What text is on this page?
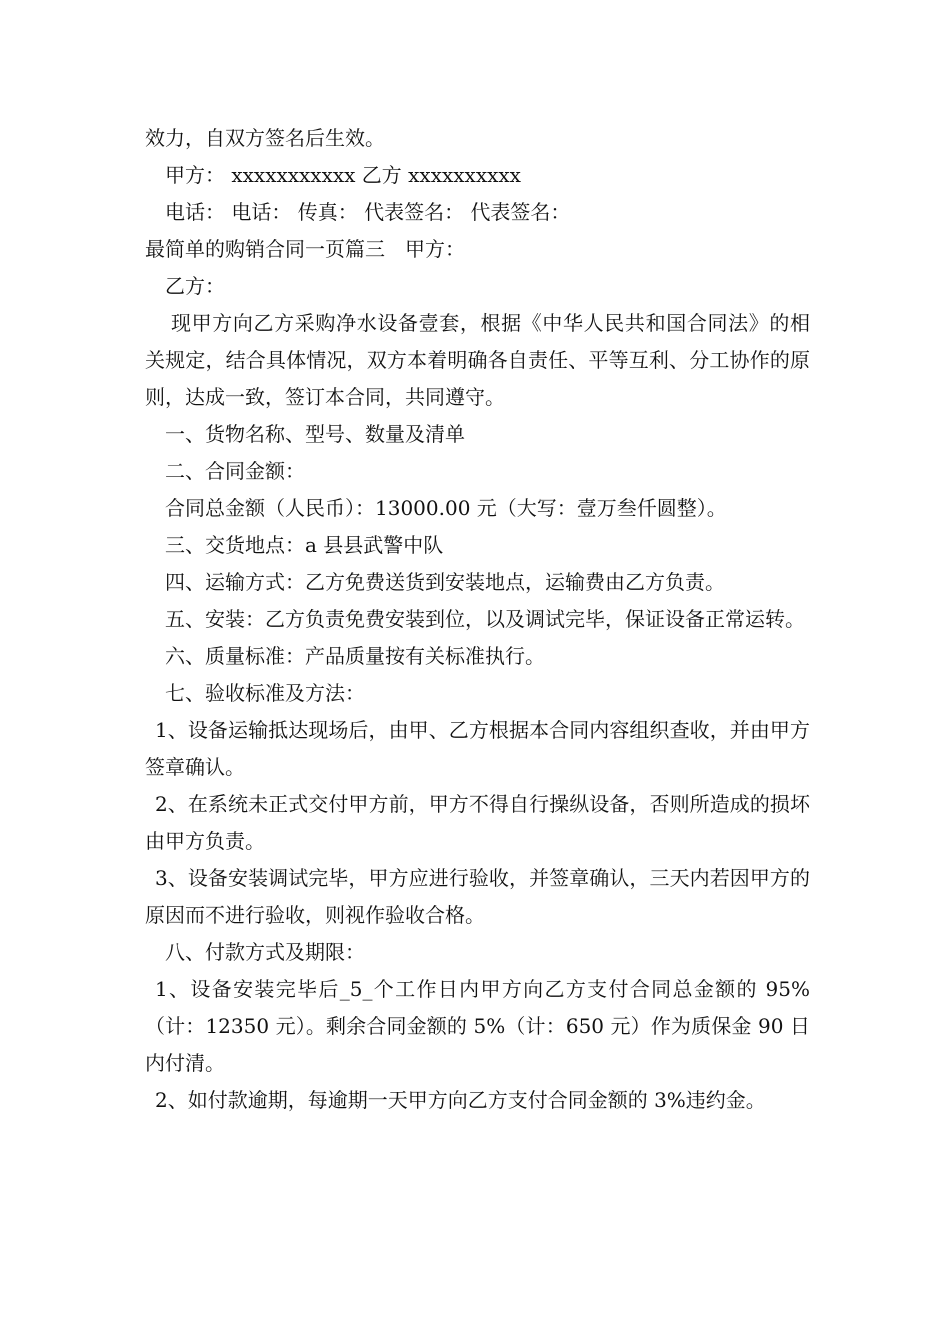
效力，自双方签名后生效。

甲方： xxxxxxxxxxx 乙方 xxxxxxxxxx

电话： 电话： 传真： 代表签名： 代表签名：

最简单的购销合同一页篇三　甲方：

乙方：

现甲方向乙方采购净水设备壹套，根据《中华人民共和国合同法》的相关规定，结合具体情况，双方本着明确各自责任、平等互利、分工协作的原则，达成一致，签订本合同，共同遵守。

一、货物名称、型号、数量及清单

二、合同金额：

合同总金额（人民币）：13000.00 元（大写：壹万叁仟圆整）。

三、交货地点：a 县县武警中队

四、运输方式：乙方免费送货到安装地点，运输费由乙方负责。

五、安装：乙方负责免费安装到位，以及调试完毕，保证设备正常运转。

六、质量标准：产品质量按有关标准执行。

七、验收标准及方法：

1、设备运输抵达现场后，由甲、乙方根据本合同内容组织查收，并由甲方签章确认。

2、在系统未正式交付甲方前，甲方不得自行操纵设备，否则所造成的损坏由甲方负责。

3、设备安装调试完毕，甲方应进行验收，并签章确认，三天内若因甲方的原因而不进行验收，则视作验收合格。

八、付款方式及期限：

1、设备安装完毕后_5_个工作日内甲方向乙方支付合同总金额的 95%（计：12350 元）。剩余合同金额的 5%（计：650 元）作为质保金 90 日内付清。

2、如付款逾期，每逾期一天甲方向乙方支付合同金额的 3%违约金。
